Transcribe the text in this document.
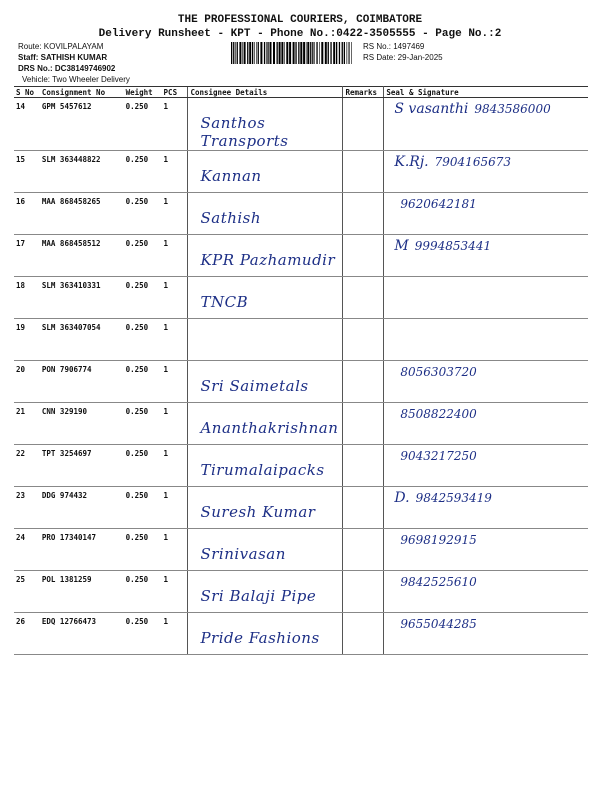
THE PROFESSIONAL COURIERS, COIMBATORE
Delivery Runsheet - KPT - Phone No.:0422-3505555 - Page No.:2
Route: KOVILPALAYAM
Staff: SATHISH KUMAR
DRS No.: DC38149746902
Vehicle: Two Wheeler Delivery
RS No.: 1497469
RS Date: 29-Jan-2025
S No	Consignment No	Weight	PCS	Consignee Details	Remarks	Seal & Signature
14	GPM 5457612	0.250	1	Santhos Transports		S vasanthi 9843586000

15	SLM 363448822	0.250	1	Kannan		K.Rj. 7904165673

16	MAA 868458265	0.250	1	Sathish		9620642181

17	MAA 868458512	0.250	1	KPR Pazhamudir		M 9994853441

18	SLM 363410331	0.250	1	TNCB		

19	SLM 363407054	0.250	1	

20	PON 7906774	0.250	1	Sri Saimetals		8056303720

21	CNN 329190	0.250	1	Ananthakrishnan		8508822400

22	TPT 3254697	0.250	1	Tirumalaipacks		9043217250

23	DDG 974432	0.250	1	Suresh Kumar		D. 9842593419

24	PRO 17340147	0.250	1	Srinivasan		9698192915

25	POL 1381259	0.250	1	Sri Balaji Pipe		9842525610

26	EDQ 12766473	0.250	1	Pride Fashions		9655044285
